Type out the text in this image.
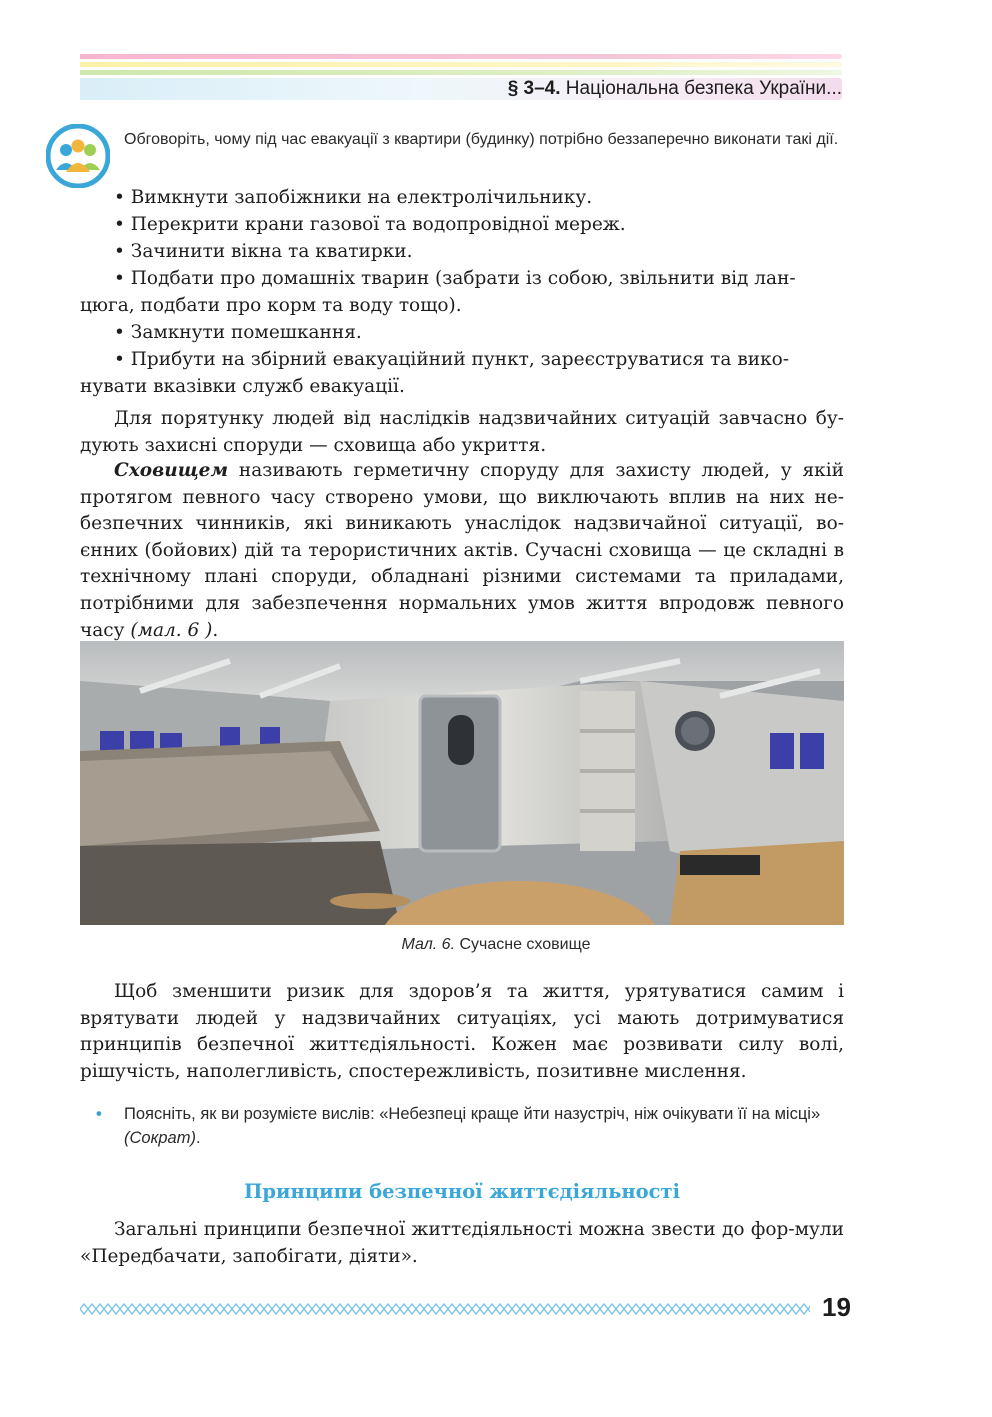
§ 3–4. Національна безпека України...
Обговоріть, чому під час евакуації з квартири (будинку) потрібно беззаперечно виконати такі дії.

• Вимкнути запобіжники на електролічильнику.

• Перекрити крани газової та водопровідної мереж.

• Зачинити вікна та кватирки.

• Подбати про домашніх тварин (забрати із собою, звільнити від лан-

цюга, подбати про корм та воду тощо).

• Замкнути помешкання.

• Прибути на збірний евакуаційний пункт, зареєструватися та вико-

нувати вказівки служб евакуації.

Для порятунку людей від наслідків надзвичайних ситуацій завчасно бу-дують захисні споруди — сховища або укриття.
Сховищем називають герметичну споруду для захисту людей, у якій протягом певного часу створено умови, що виключають вплив на них не-безпечних чинників, які виникають унаслідок надзвичайної ситуації, во-єнних (бойових) дій та терористичних актів. Сучасні сховища — це складні в технічному плані споруди, обладнані різними системами та приладами, потрібними для забезпечення нормальних умов життя впродовж певного часу (мал. 6 ).
Мал. 6. Сучасне сховище
Щоб зменшити ризик для здоров’я та життя, урятуватися самим і врятувати людей у надзвичайних ситуаціях, усі мають дотримуватися принципів безпечної життєдіяльності. Кожен має розвивати силу волі, рішучість, наполегливість, спостережливість, позитивне мислення.
• Поясніть, як ви розумієте вислів: «Небезпеці краще йти назустріч, ніж очікувати її на місці» (Сократ).
Принципи безпечної життєдіяльності
Загальні принципи безпечної життєдіяльності можна звести до фор-мули «Передбачати, запобігати, діяти».
19
